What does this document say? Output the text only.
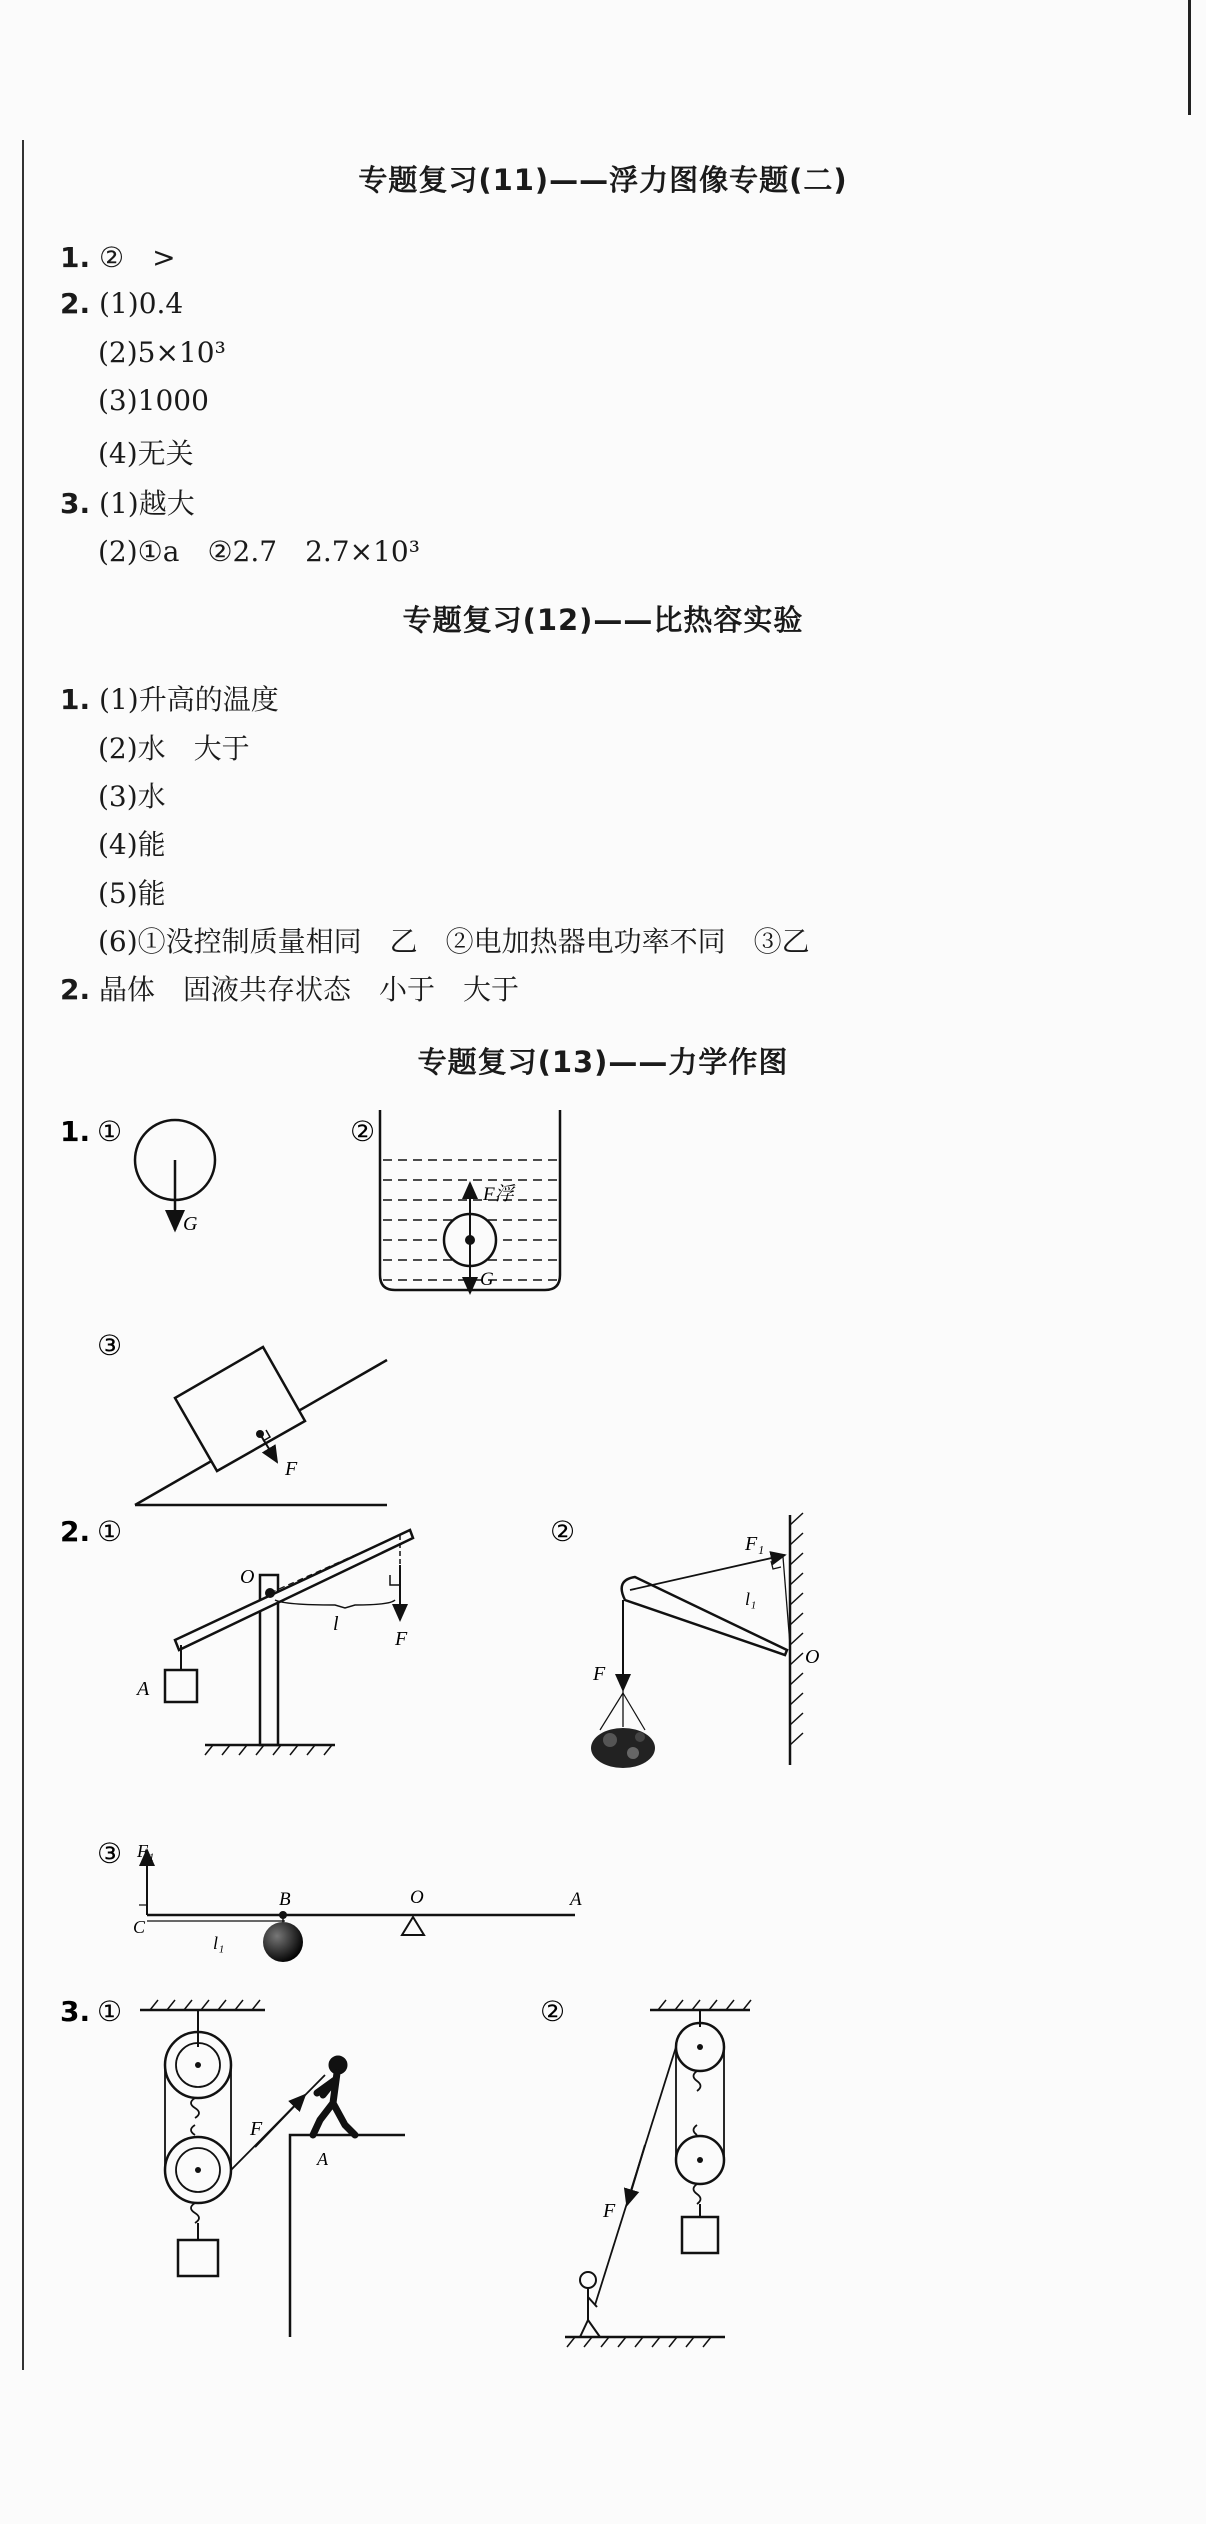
专题复习(11)——浮力图像专题(二)
1. ②　>
2. (1)0.4
(2)5×10³
(3)1000
(4)无关
3. (1)越大
(2)①a　②2.7　2.7×10³
专题复习(12)——比热容实验
1. (1)升高的温度
(2)水　大于
(3)水
(4)能
(5)能
(6)①没控制质量相同　乙　②电加热器电功率不同　③乙
2. 晶体　固液共存状态　小于　大于
专题复习(13)——力学作图
1. ①
G
②
F浮
G
③
F
2. ①
O
l
F
A
②	F₁
l₁
O
F
③ F₁
C
l₁
B	O	A
3. ①
F
A
②
F
